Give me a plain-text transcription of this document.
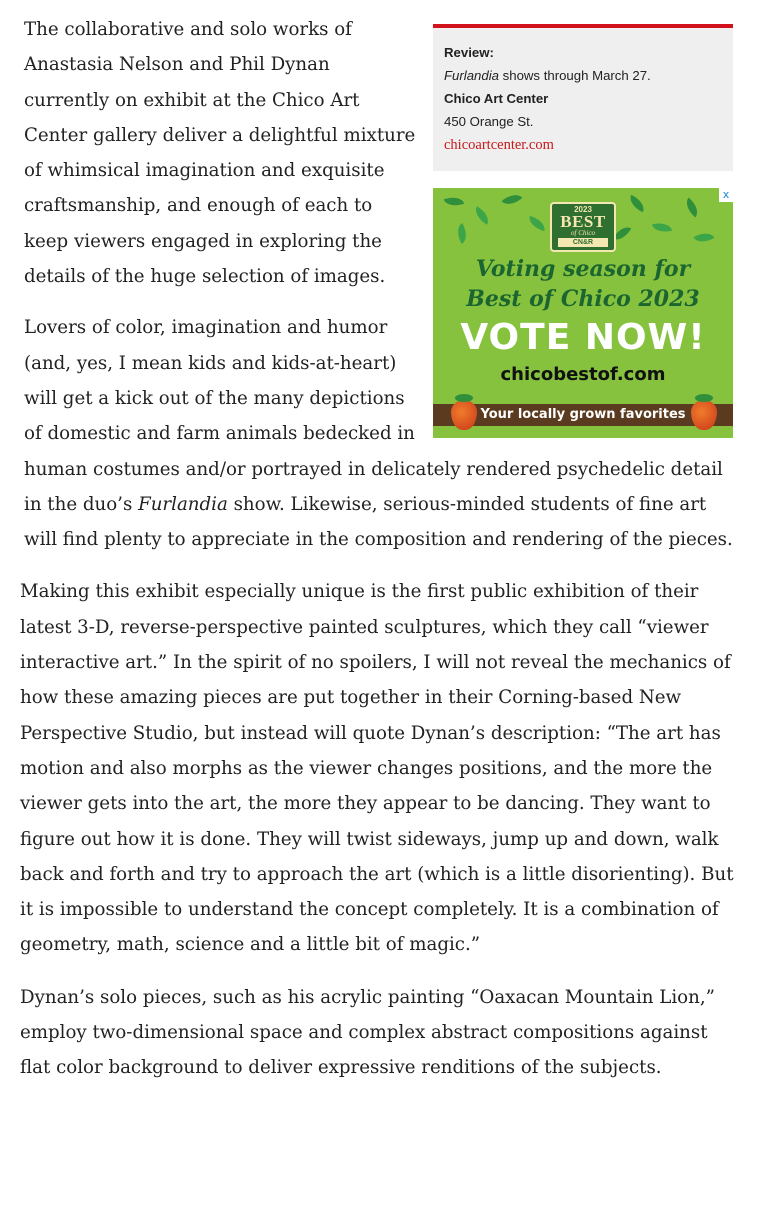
Review:
Furlandia shows through March 27.
Chico Art Center
450 Orange St.
chicoartcenter.com
2023
BEST
of Chico
CN&R
Voting season for
Best of Chico 2023
VOTE NOW!
chicobestof.com
Your locally grown favorites
x

The collaborative and solo works of Anastasia Nelson and Phil Dynan currently on exhibit at the Chico Art Center gallery deliver a delightful mixture of whimsical imagination and exquisite craftsmanship, and enough of each to keep viewers engaged in exploring the details of the huge selection of images.

Lovers of color, imagination and humor (and, yes, I mean kids and kids-at-heart) will get a kick out of the many depictions of domestic and farm animals bedecked in human costumes and/or portrayed in delicately rendered psychedelic detail in the duo’s Furlandia show. Likewise, serious-minded students of fine art will find plenty to appreciate in the composition and rendering of the pieces.

Making this exhibit especially unique is the first public exhibition of their latest 3-D, reverse-perspective painted sculptures, which they call “viewer interactive art.” In the spirit of no spoilers, I will not reveal the mechanics of how these amazing pieces are put together in their Corning-based New Perspective Studio, but instead will quote Dynan’s description: “The art has motion and also morphs as the viewer changes positions, and the more the viewer gets into the art, the more they appear to be dancing. They want to figure out how it is done. They will twist sideways, jump up and down, walk back and forth and try to approach the art (which is a little disorienting). But it is impossible to understand the concept completely. It is a combination of geometry, math, science and a little bit of magic.”

Dynan’s solo pieces, such as his acrylic painting “Oaxacan Mountain Lion,” employ two-dimensional space and complex abstract compositions against flat color background to deliver expressive renditions of the subjects.
